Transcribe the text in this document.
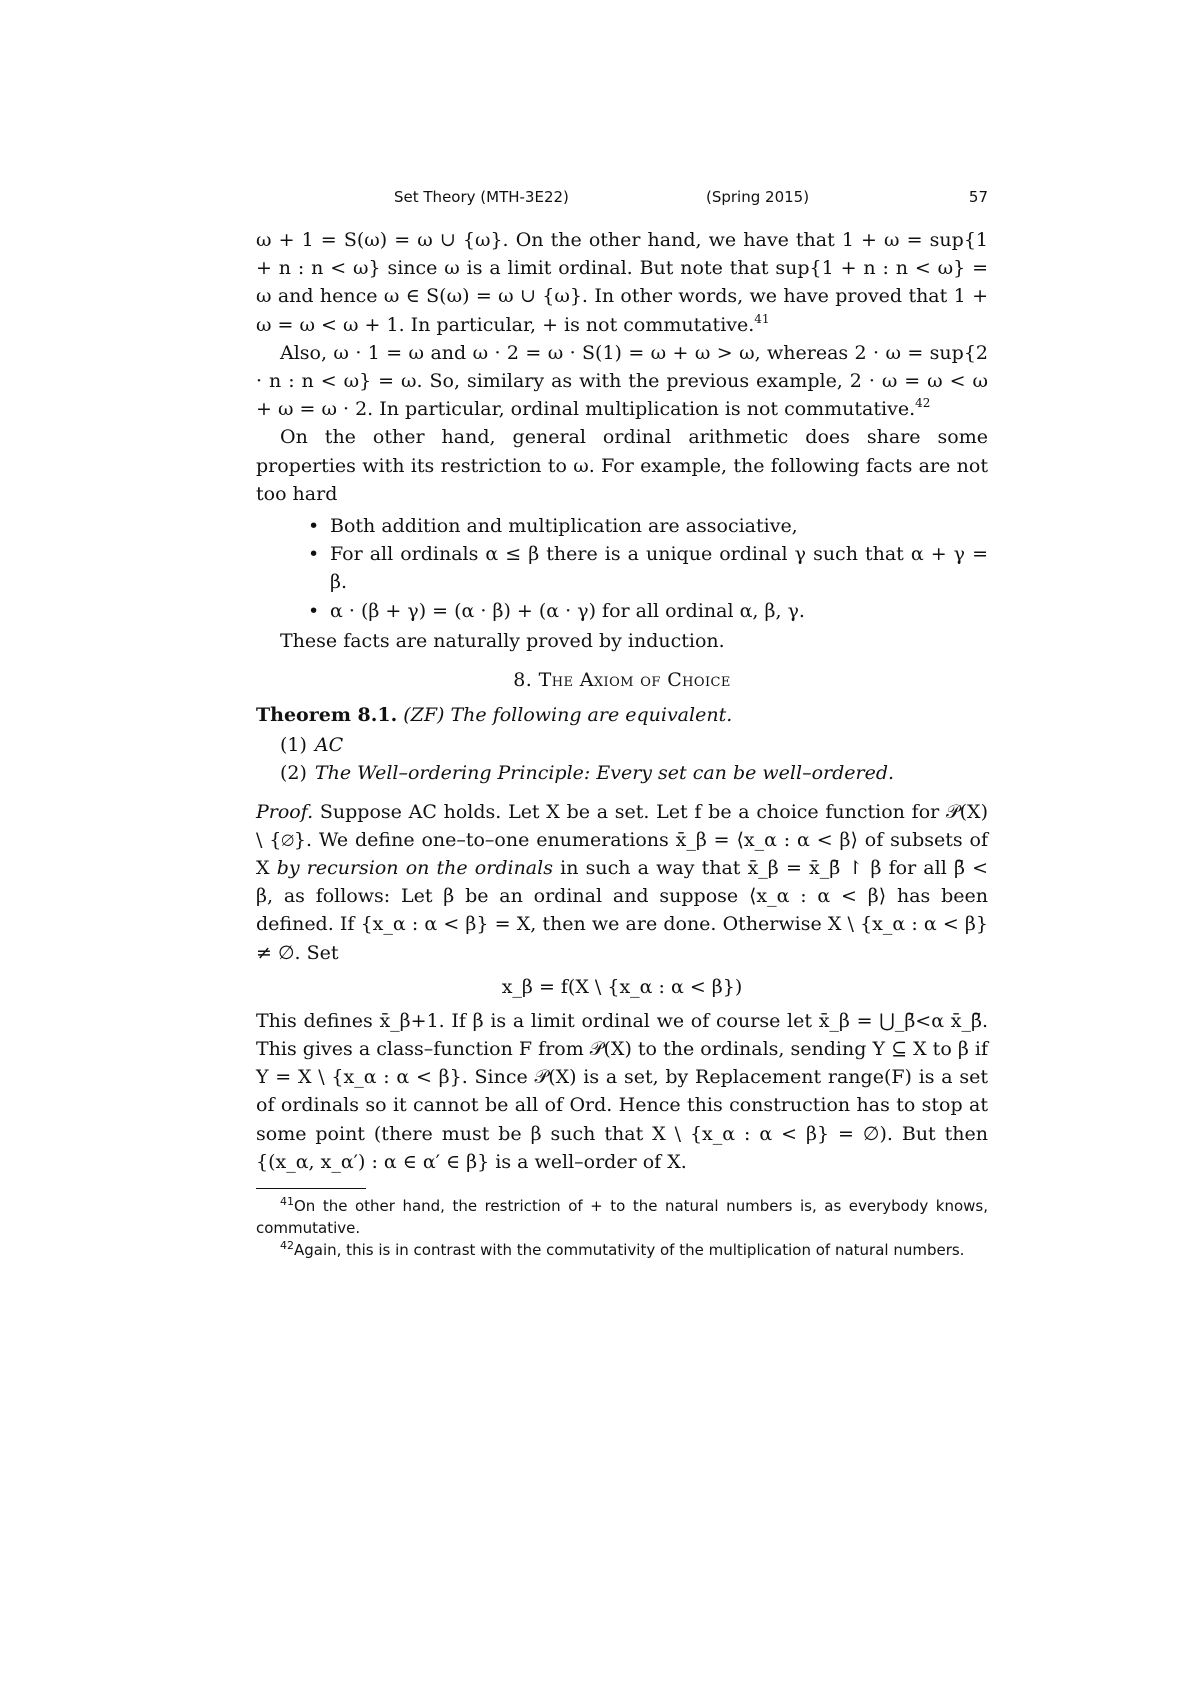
Set Theory (MTH-3E22)	(Spring 2015)	57

ω + 1 = S(ω) = ω ∪ {ω}. On the other hand, we have that 1 + ω = sup{1 + n : n < ω} since ω is a limit ordinal. But note that sup{1 + n : n < ω} = ω and hence ω ∈ S(ω) = ω ∪ {ω}. In other words, we have proved that 1 + ω = ω < ω + 1. In particular, + is not commutative.$^{41}$

Also, ω · 1 = ω and ω · 2 = ω · S(1) = ω + ω > ω, whereas 2 · ω = sup{2 · n : n < ω} = ω. So, similary as with the previous example, 2 · ω = ω < ω + ω = ω · 2. In particular, ordinal multiplication is not commutative.$^{42}$

On the other hand, general ordinal arithmetic does share some properties with its restriction to ω. For example, the following facts are not too hard

• Both addition and multiplication are associative,
• For all ordinals α ≤ β there is a unique ordinal γ such that α + γ = β.
• α · (β + γ) = (α · β) + (α · γ) for all ordinal α, β, γ.

These facts are naturally proved by induction.

8. The Axiom of Choice

Theorem 8.1. (ZF) The following are equivalent.

(1) AC
(2) The Well–ordering Principle: Every set can be well–ordered.

Proof. Suppose AC holds. Let X be a set. Let f be a choice function for 𝒫(X) \ {∅}. We define one–to–one enumerations x̄_β = ⟨x_α : α < β⟩ of subsets of X by recursion on the ordinals in such a way that x̄_β = x̄_β̄ ↾ β for all β̄ < β, as follows: Let β be an ordinal and suppose ⟨x_α : α < β⟩ has been defined. If {x_α : α < β} = X, then we are done. Otherwise X \ {x_α : α < β} ≠ ∅. Set

x_β = f(X \ {x_α : α < β})

This defines x̄_β+1. If β is a limit ordinal we of course let x̄_β = ⋃_β̄<α x̄_β̄. This gives a class–function F from 𝒫(X) to the ordinals, sending Y ⊆ X to β if Y = X \ {x_α : α < β}. Since 𝒫(X) is a set, by Replacement range(F) is a set of ordinals so it cannot be all of Ord. Hence this construction has to stop at some point (there must be β such that X \ {x_α : α < β} = ∅). But then {(x_α, x_α′) : α ∈ α′ ∈ β} is a well–order of X.

$^{41}$On the other hand, the restriction of + to the natural numbers is, as everybody knows, commutative.

$^{42}$Again, this is in contrast with the commutativity of the multiplication of natural numbers.
